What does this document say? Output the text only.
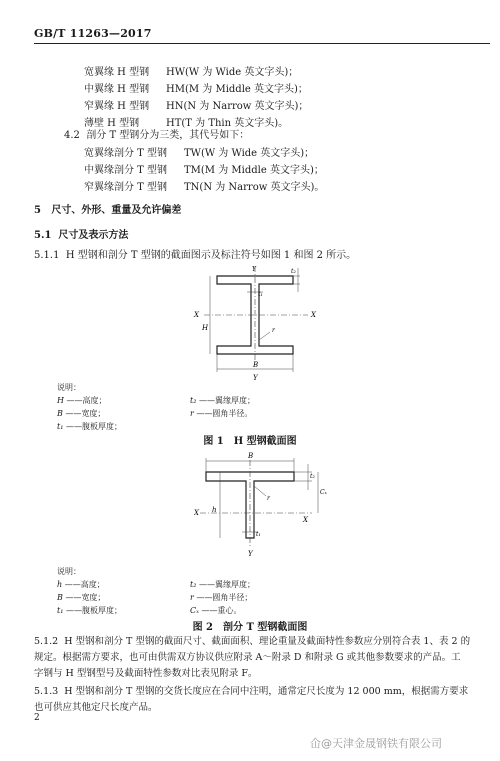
GB/T 11263—2017
宽翼缘 H 型钢	HW(W 为 Wide 英文字头)；
中翼缘 H 型钢	HM(M 为 Middle 英文字头)；
窄翼缘 H 型钢	HN(N 为 Narrow 英文字头)；
薄壁 H 型钢	HT(T 为 Thin 英文字头)。
4.2 剖分 T 型钢分为三类，其代号如下：
宽翼缘剖分 T 型钢	TW(W 为 Wide 英文字头)；
中翼缘剖分 T 型钢	TM(M 为 Middle 英文字头)；
窄翼缘剖分 T 型钢	TN(N 为 Narrow 英文字头)。
5 尺寸、外形、重量及允许偏差
5.1 尺寸及表示方法
5.1.1 H 型钢和剖分 T 型钢的截面图示及标注符号如图 1 和图 2 所示。
t₂
t₁
X	X
Y
Y
H	r
B
说明：
H ——高度；
B ——宽度；
t₁ ——腹板厚度；
t₂ ——翼缘厚度；
r ——圆角半径。
图 1　H 型钢截面图
B
t₂
X
X
Cₓ
r
h
t₁
Y
说明：
h ——高度；
B ——宽度；
t₁ ——腹板厚度；
t₂ ——翼缘厚度；
r ——圆角半径；
Cₓ ——重心。
图 2　剖分 T 型钢截面图
5.1.2 H 型钢和剖分 T 型钢的截面尺寸、截面面积、理论重量及截面特性参数应分别符合表 1、表 2 的
规定。根据需方要求，也可由供需双方协议供应附录 A～附录 D 和附录 G 或其他参数要求的产品。工
字钢与 H 型钢型号及截面特性参数对比表见附录 F。
5.1.3 H 型钢和剖分 T 型钢的交货长度应在合同中注明，通常定尺长度为 12 000 mm，根据需方要求
也可供应其他定尺长度产品。
2
仚@天津金晟钢铁有限公司
